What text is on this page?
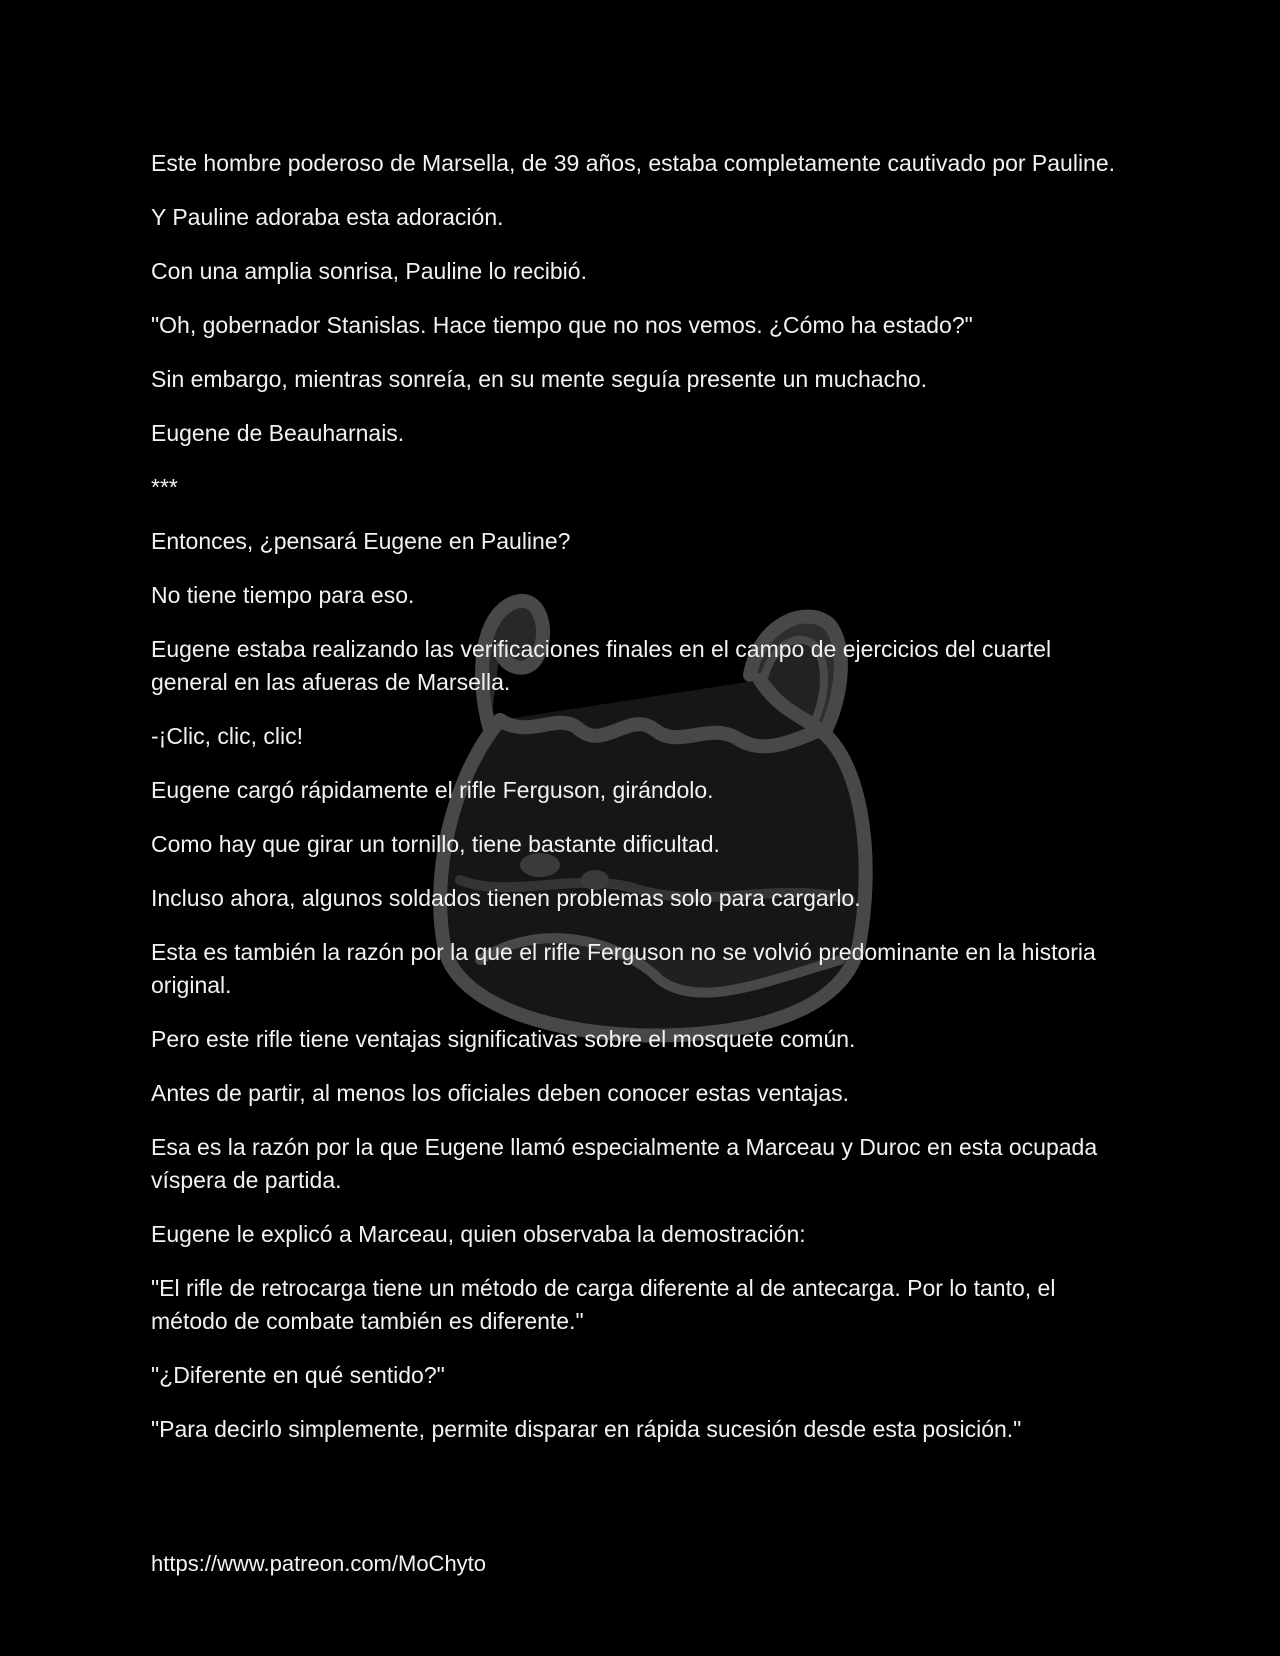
Este hombre poderoso de Marsella, de 39 años, estaba completamente cautivado por Pauline.

Y Pauline adoraba esta adoración.

Con una amplia sonrisa, Pauline lo recibió.

"Oh, gobernador Stanislas. Hace tiempo que no nos vemos. ¿Cómo ha estado?"

Sin embargo, mientras sonreía, en su mente seguía presente un muchacho.

Eugene de Beauharnais.

***

Entonces, ¿pensará Eugene en Pauline?

No tiene tiempo para eso.

Eugene estaba realizando las verificaciones finales en el campo de ejercicios del cuartel general en las afueras de Marsella.

-¡Clic, clic, clic!

Eugene cargó rápidamente el rifle Ferguson, girándolo.

Como hay que girar un tornillo, tiene bastante dificultad.

Incluso ahora, algunos soldados tienen problemas solo para cargarlo.

Esta es también la razón por la que el rifle Ferguson no se volvió predominante en la historia original.

Pero este rifle tiene ventajas significativas sobre el mosquete común.

Antes de partir, al menos los oficiales deben conocer estas ventajas.

Esa es la razón por la que Eugene llamó especialmente a Marceau y Duroc en esta ocupada víspera de partida.

Eugene le explicó a Marceau, quien observaba la demostración:

"El rifle de retrocarga tiene un método de carga diferente al de antecarga. Por lo tanto, el método de combate también es diferente."

"¿Diferente en qué sentido?"

"Para decirlo simplemente, permite disparar en rápida sucesión desde esta posición."

https://www.patreon.com/MoChyto
